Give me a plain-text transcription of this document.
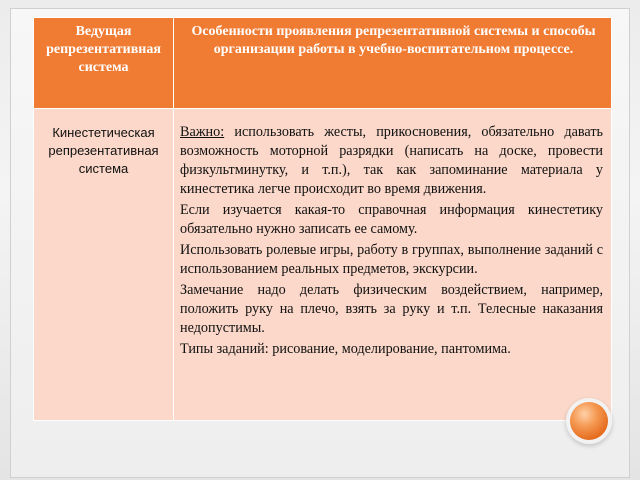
Ведущая репрезентативная система	Особенности проявления репрезентативной системы и способы организации работы в учебно-воспитательном процессе.

Кинестетическая репрезентативная система	Важно: использовать жесты, прикосновения, обязательно давать возможность моторной разрядки (написать на доске, провести физкультминутку, и т.п.), так как запоминание материала у кинестетика легче происходит во время движения.

Если изучается какая-то справочная информация кинестетику обязательно нужно записать ее самому.

Использовать ролевые игры, работу в группах, выполнение заданий с использованием реальных предметов, экскурсии.

Замечание надо делать физическим воздействием, например, положить руку на плечо, взять за руку и т.п. Телесные наказания недопустимы.

Типы заданий: рисование, моделирование, пантомима.
